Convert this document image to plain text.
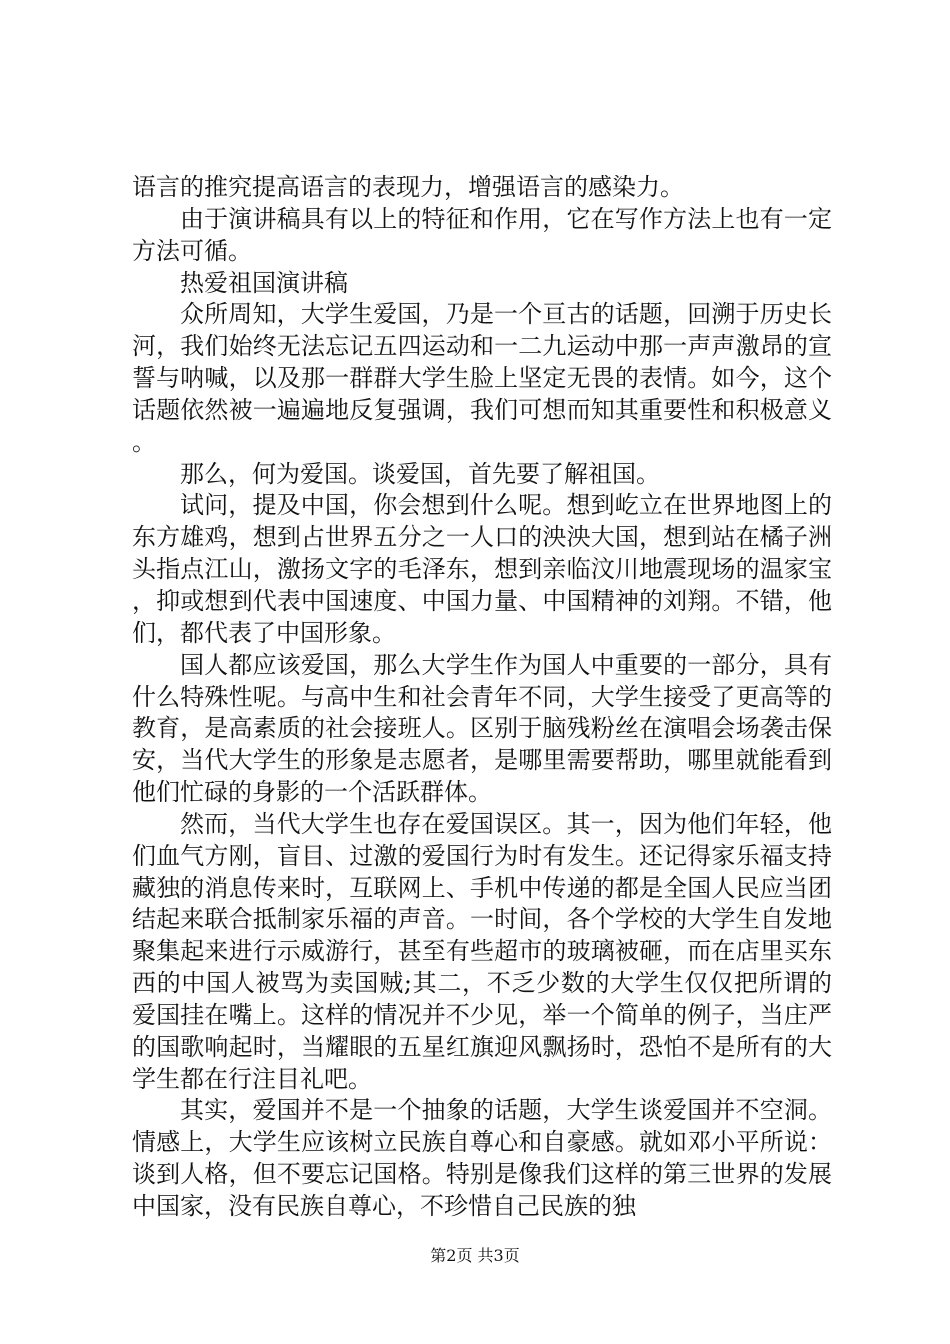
语言的推究提高语言的表现力，增强语言的感染力。

由于演讲稿具有以上的特征和作用，它在写作方法上也有一定方法可循。

热爱祖国演讲稿

众所周知，大学生爱国，乃是一个亘古的话题，回溯于历史长河，我们始终无法忘记五四运动和一二九运动中那一声声激昂的宣誓与呐喊，以及那一群群大学生脸上坚定无畏的表情。如今，这个话题依然被一遍遍地反复强调，我们可想而知其重要性和积极意义。

那么，何为爱国。谈爱国，首先要了解祖国。

试问，提及中国，你会想到什么呢。想到屹立在世界地图上的东方雄鸡，想到占世界五分之一人口的泱泱大国，想到站在橘子洲头指点江山，激扬文字的毛泽东，想到亲临汶川地震现场的温家宝，抑或想到代表中国速度、中国力量、中国精神的刘翔。不错，他们，都代表了中国形象。

国人都应该爱国，那么大学生作为国人中重要的一部分，具有什么特殊性呢。与高中生和社会青年不同，大学生接受了更高等的教育，是高素质的社会接班人。区别于脑残粉丝在演唱会场袭击保安，当代大学生的形象是志愿者，是哪里需要帮助，哪里就能看到他们忙碌的身影的一个活跃群体。

然而，当代大学生也存在爱国误区。其一，因为他们年轻，他们血气方刚，盲目、过激的爱国行为时有发生。还记得家乐福支持藏独的消息传来时，互联网上、手机中传递的都是全国人民应当团结起来联合抵制家乐福的声音。一时间，各个学校的大学生自发地聚集起来进行示威游行，甚至有些超市的玻璃被砸，而在店里买东西的中国人被骂为卖国贼;其二，不乏少数的大学生仅仅把所谓的爱国挂在嘴上。这样的情况并不少见，举一个简单的例子，当庄严的国歌响起时，当耀眼的五星红旗迎风飘扬时，恐怕不是所有的大学生都在行注目礼吧。

其实，爱国并不是一个抽象的话题，大学生谈爱国并不空洞。情感上，大学生应该树立民族自尊心和自豪感。就如邓小平所说：谈到人格，但不要忘记国格。特别是像我们这样的第三世界的发展中国家，没有民族自尊心，不珍惜自己民族的独

第2页 共3页
